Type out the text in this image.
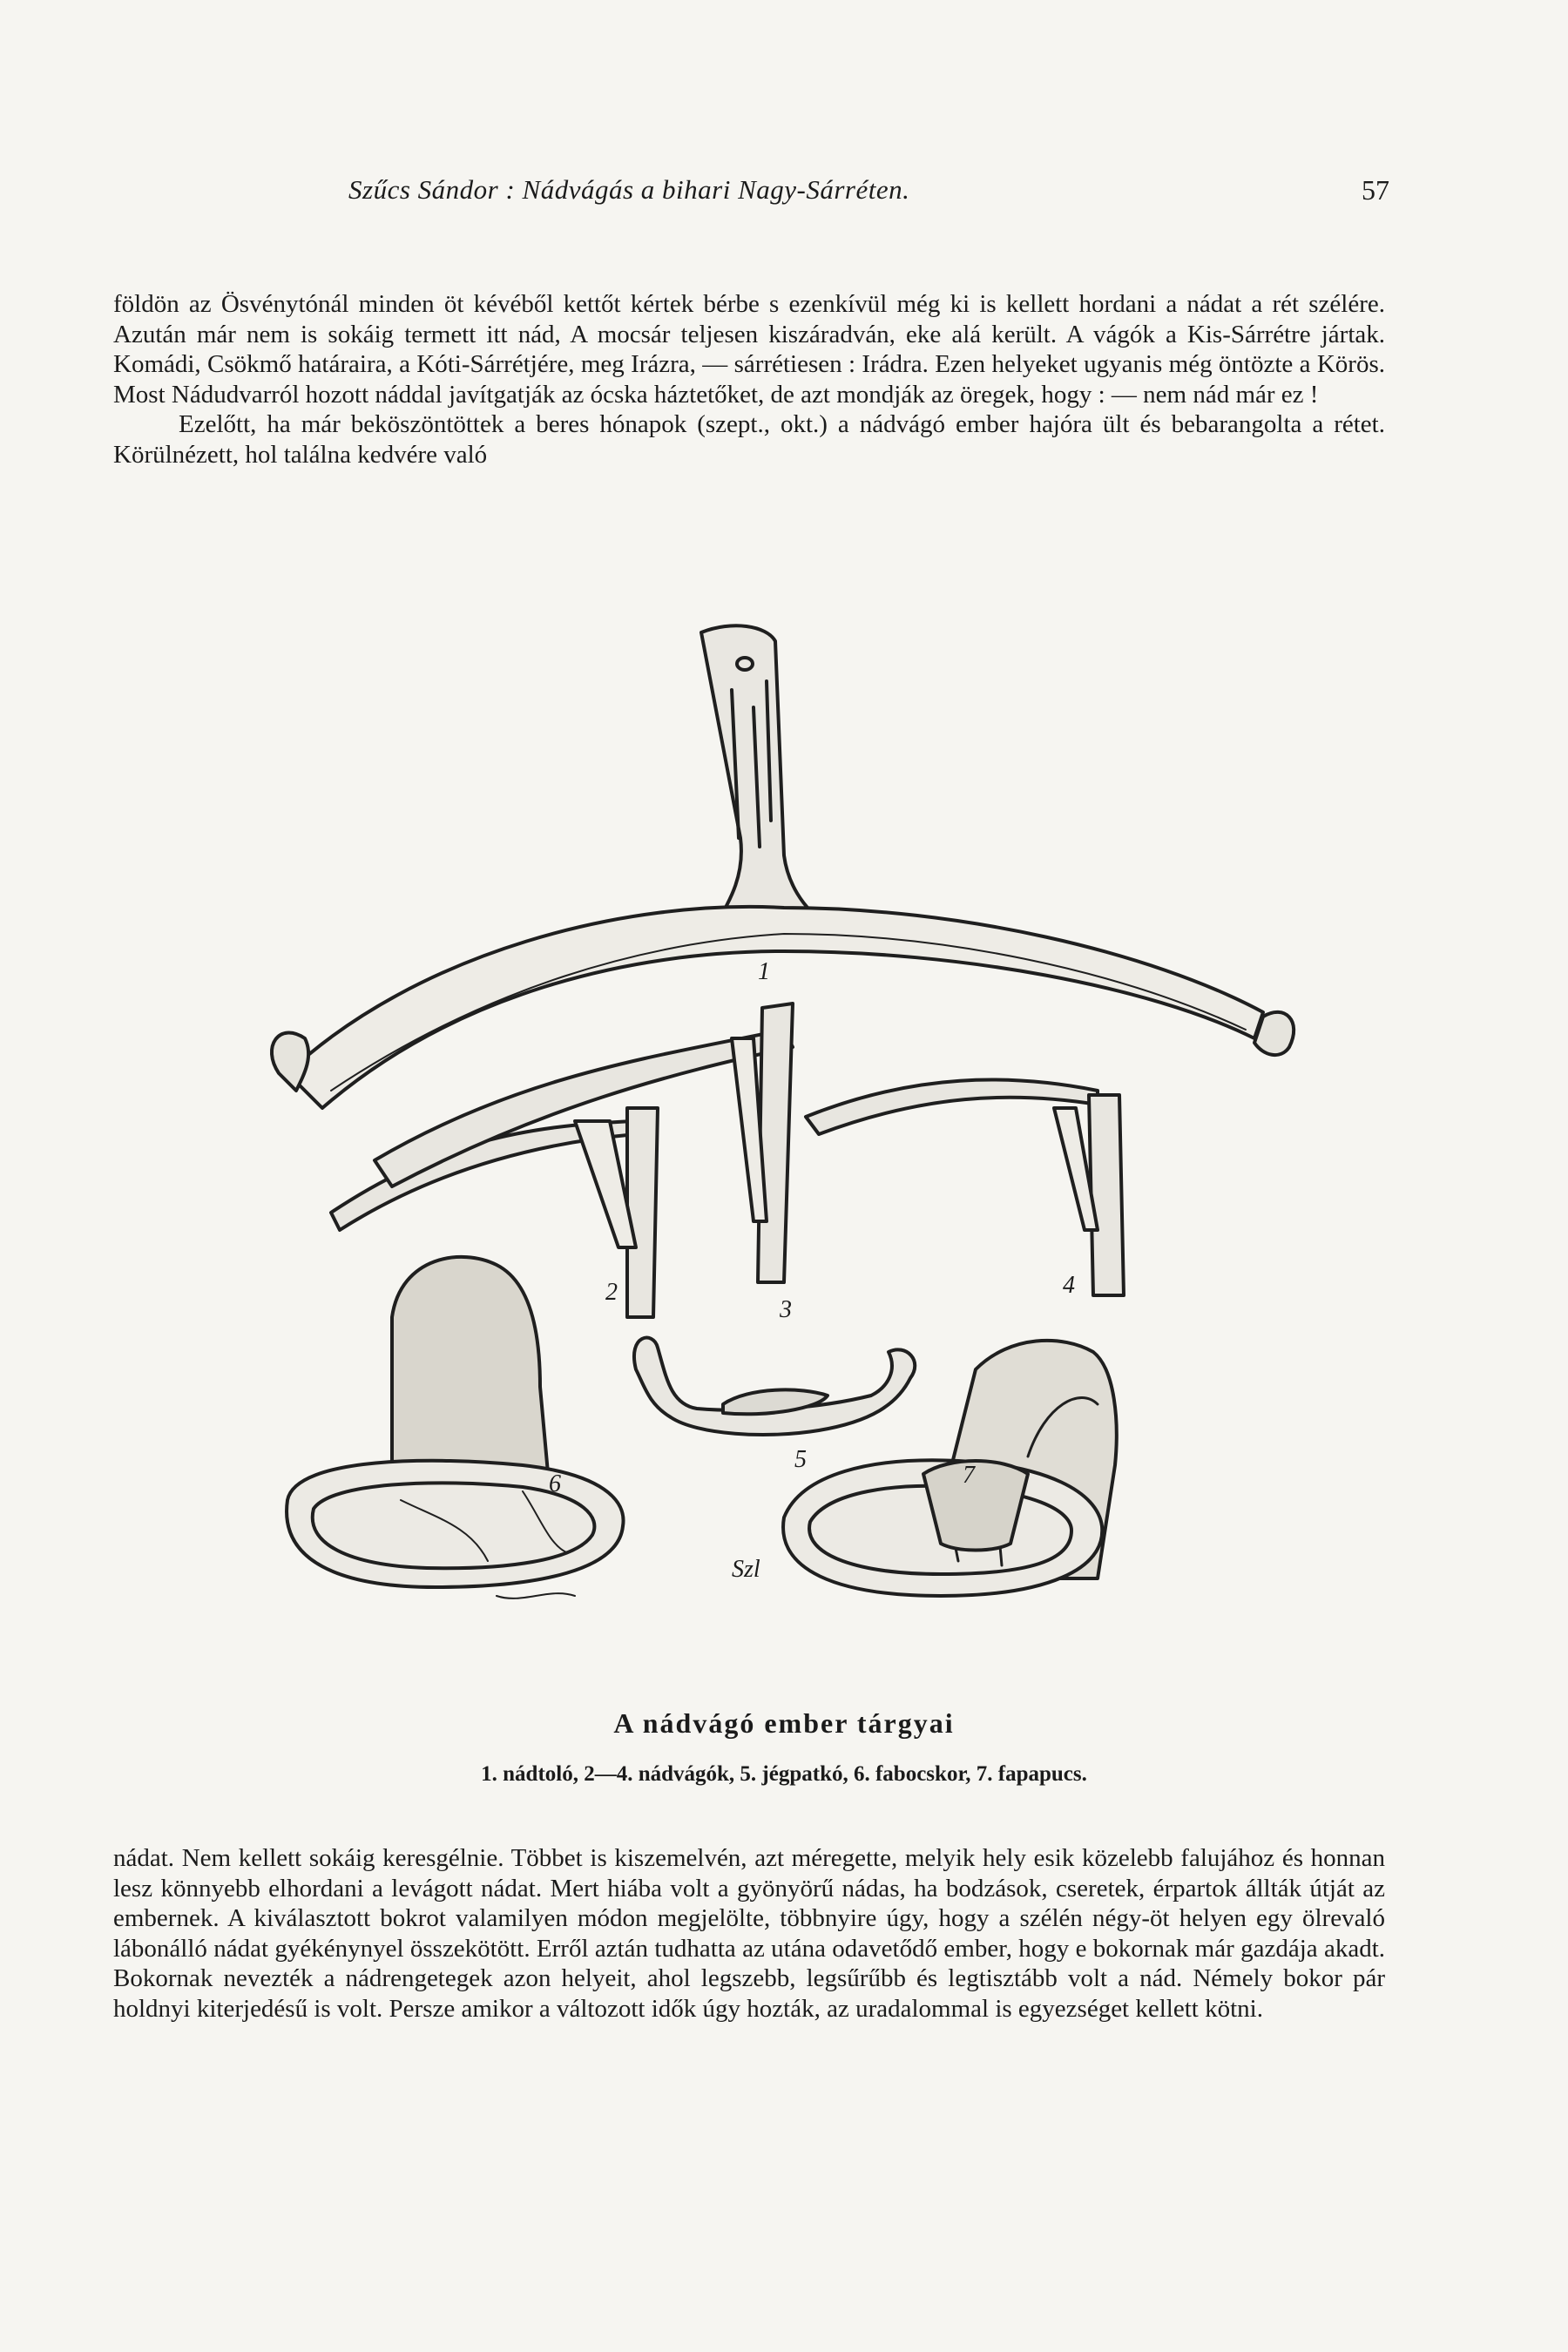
Szűcs Sándor : Nádvágás a bihari Nagy-Sárréten.	57

földön az Ösvénytónál minden öt kévéből kettőt kértek bérbe s ezenkívül még ki is kellett hordani a nádat a rét szélére. Azután már nem is sokáig termett itt nád, A mocsár teljesen kiszáradván, eke alá került. A vágók a Kis-Sárrétre jártak. Komádi, Csökmő határaira, a Kóti-Sárrétjére, meg Irázra, — sárrétiesen : Irádra. Ezen helyeket ugyanis még öntözte a Körös. Most Nádudvarról hozott náddal javítgatják az ócska háztetőket, de azt mondják az öregek, hogy : — nem nád már ez !

Ezelőtt, ha már beköszöntöttek a beres hónapok (szept., okt.) a nádvágó ember hajóra ült és bebarangolta a rétet. Körülnézett, hol találna kedvére való

1
2
3
4
5
6	7
Szl
A nádvágó ember tárgyai
1. nádtoló, 2—4. nádvágók, 5. jégpatkó, 6. fabocskor, 7. fapapucs.

nádat. Nem kellett sokáig keresgélnie. Többet is kiszemelvén, azt méregette, melyik hely esik közelebb falujához és honnan lesz könnyebb elhordani a levágott nádat. Mert hiába volt a gyönyörű nádas, ha bodzások, cseretek, érpartok állták útját az embernek. A kiválasztott bokrot valamilyen módon megjelölte, többnyire úgy, hogy a szélén négy-öt helyen egy ölrevaló lábonálló nádat gyékénynyel összekötött. Erről aztán tudhatta az utána odavetődő ember, hogy e bokornak már gazdája akadt. Bokornak nevezték a nádrengetegek azon helyeit, ahol legszebb, legsűrűbb és legtisztább volt a nád. Némely bokor pár holdnyi kiterjedésű is volt. Persze amikor a változott idők úgy hozták, az uradalommal is egyezséget kellett kötni.
